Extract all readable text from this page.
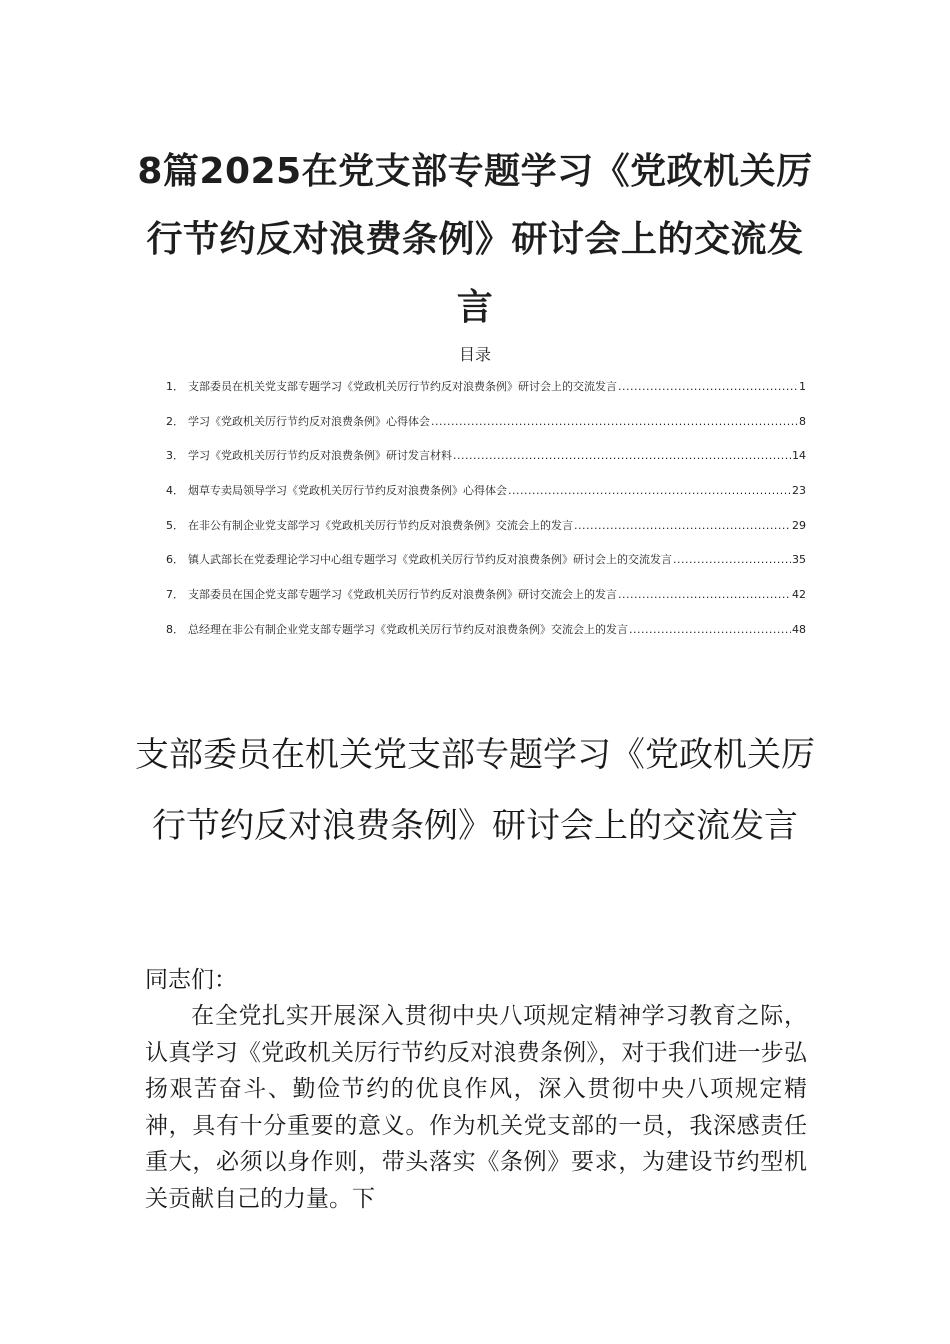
8篇2025在党支部专题学习《党政机关厉行节约反对浪费条例》研讨会上的交流发言
目录
1． 支部委员在机关党支部专题学习《党政机关厉行节约反对浪费条例》研讨会上的交流发言 .....	1
2． 学习《党政机关厉行节约反对浪费条例》心得体会 .....	8
3． 学习《党政机关厉行节约反对浪费条例》研讨发言材料 .....	14
4． 烟草专卖局领导学习《党政机关厉行节约反对浪费条例》心得体会 .....	23
5． 在非公有制企业党支部学习《党政机关厉行节约反对浪费条例》交流会上的发言 .....	29
6． 镇人武部长在党委理论学习中心组专题学习《党政机关厉行节约反对浪费条例》研讨会上的交流发言 .....	35
7． 支部委员在国企党支部专题学习《党政机关厉行节约反对浪费条例》研讨交流会上的发言 .....	42
8． 总经理在非公有制企业党支部专题学习《党政机关厉行节约反对浪费条例》交流会上的发言 .....	48
支部委员在机关党支部专题学习《党政机关厉行节约反对浪费条例》研讨会上的交流发言
同志们：

在全党扎实开展深入贯彻中央八项规定精神学习教育之际，认真学习《党政机关厉行节约反对浪费条例》，对于我们进一步弘扬艰苦奋斗、勤俭节约的优良作风，深入贯彻中央八项规定精神，具有十分重要的意义。作为机关党支部的一员，我深感责任重大，必须以身作则，带头落实《条例》要求，为建设节约型机关贡献自己的力量。下
